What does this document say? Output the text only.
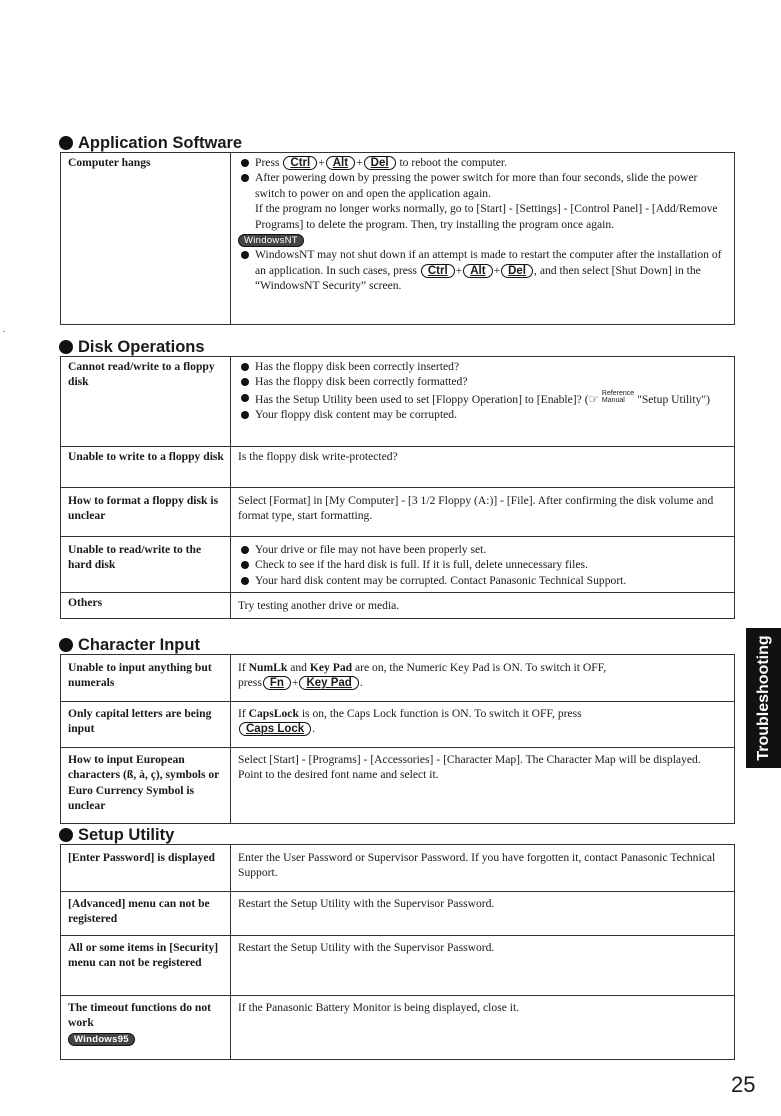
Application Software
Computer hangs	Press Ctrl + Alt + Del to reboot the computer.
After powering down by pressing the power switch for more than four seconds, slide the power switch to power on and open the application again.
If the program no longer works normally, go to [Start] - [Settings] - [Control Panel] - [Add/Remove Programs] to delete the program. Then, try installing the program once again.
WindowsNT
WindowsNT may not shut down if an attempt is made to restart the computer after the installation of an application. In such cases, press Ctrl + Alt + Del , and then select [Shut Down] in the “WindowsNT Security” screen.
Disk Operations
Cannot read/write to a floppy disk	Has the floppy disk been correctly inserted?
Has the floppy disk been correctly formatted?
Has the Setup Utility been used to set [Floppy Operation] to [Enable]? (☞ Reference
Manual "Setup Utility")
Your floppy disk content may be corrupted.

Unable to write to a floppy disk	Is the floppy disk write-protected?
How to format a floppy disk is unclear	Select [Format] in [My Computer] - [3 1/2 Floppy (A:)] - [File]. After confirming the disk volume and format type, start formatting.
Unable to read/write to the hard disk	Your drive or file may not have been properly set.
Check to see if the hard disk is full. If it is full, delete unnecessary files.
Your hard disk content may be corrupted. Contact Panasonic Technical Support.

Others	Try testing another drive or media.
Character Input
Unable to input anything but numerals	If NumLk and Key Pad are on, the Numeric Key Pad is ON. To switch it OFF,
press Fn + Key Pad .
Only capital letters are being input	If CapsLock is on, the Caps Lock function is ON. To switch it OFF, press
Caps Lock .
How to input European characters (ß, à, ç), symbols or Euro Currency Symbol is unclear	Select [Start] - [Programs] - [Accessories] - [Character Map]. The Character Map will be displayed. Point to the desired font name and select it.
Setup Utility
[Enter Password] is displayed	Enter the User Password or Supervisor Password. If you have forgotten it, contact Panasonic Technical Support.
[Advanced] menu can not be registered	Restart the Setup Utility with the Supervisor Password.
All or some items in [Security] menu can not be registered	Restart the Setup Utility with the Supervisor Password.

The timeout functions do not work
Windows95	If the Panasonic Battery Monitor is being displayed, close it.
Troubleshooting
25
